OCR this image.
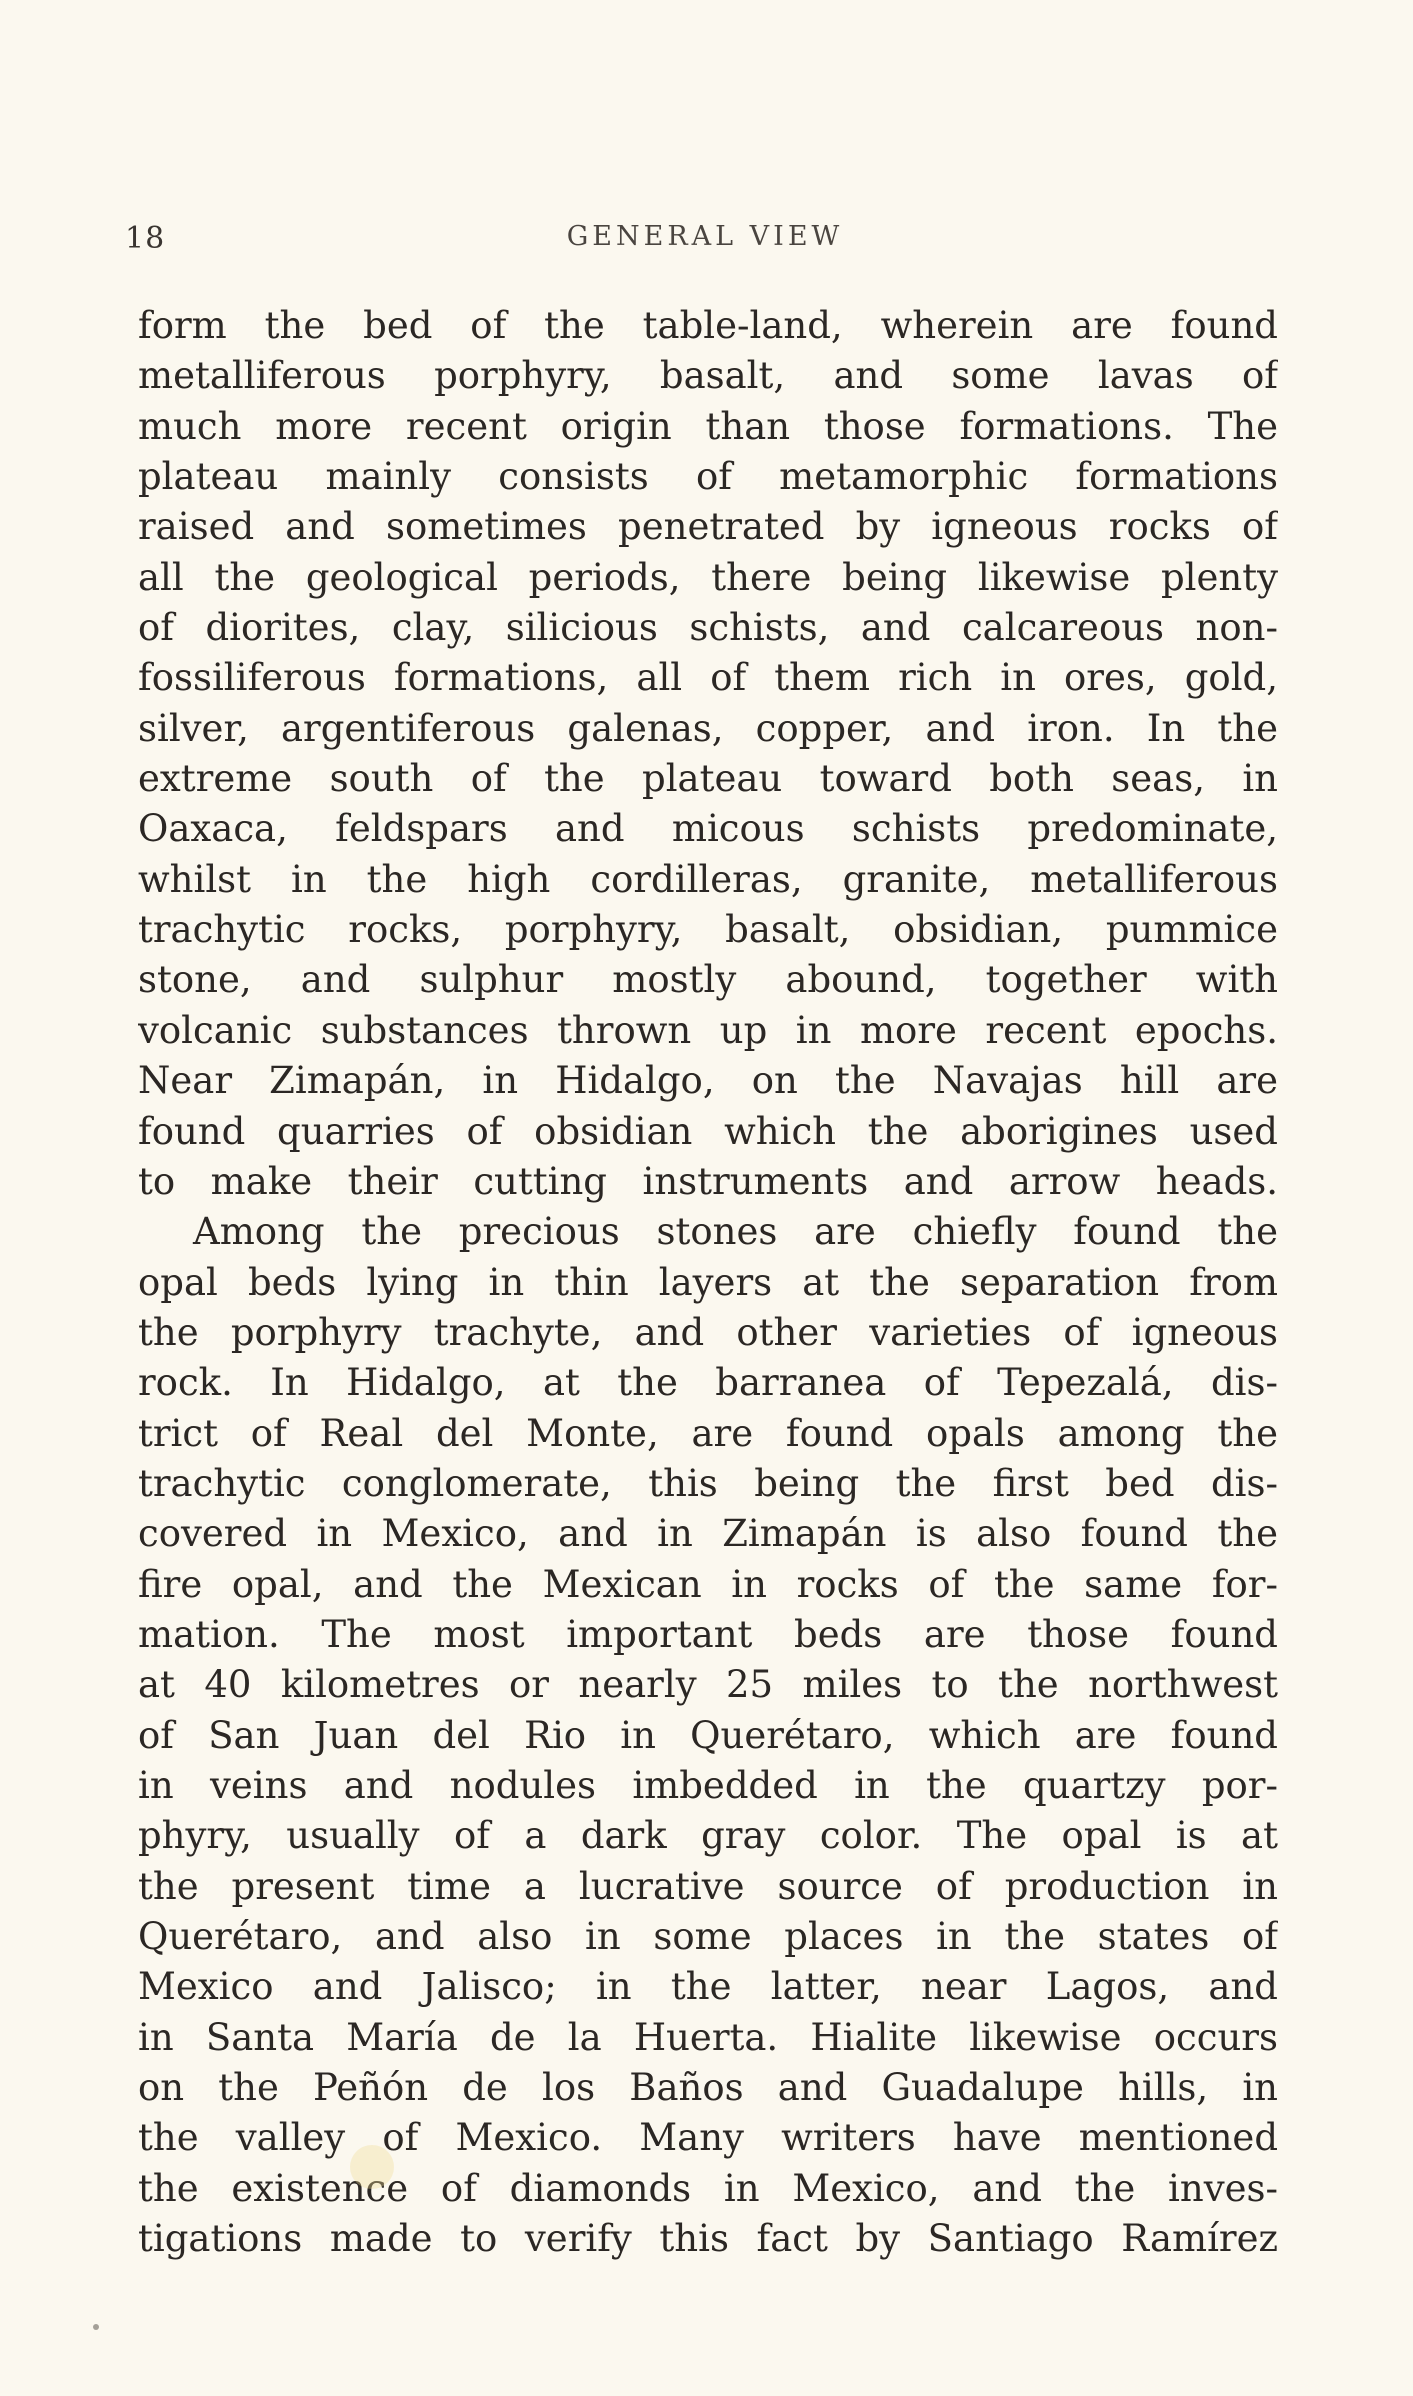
18	GENERAL VIEW
form the bed of the table-land, wherein are found
metalliferous porphyry, basalt, and some lavas of
much more recent origin than those formations. The
plateau mainly consists of metamorphic formations
raised and sometimes penetrated by igneous rocks of
all the geological periods, there being likewise plenty
of diorites, clay, silicious schists, and calcareous non-
fossiliferous formations, all of them rich in ores, gold,
silver, argentiferous galenas, copper, and iron. In the
extreme south of the plateau toward both seas, in
Oaxaca, feldspars and micous schists predominate,
whilst in the high cordilleras, granite, metalliferous
trachytic rocks, porphyry, basalt, obsidian, pummice
stone, and sulphur mostly abound, together with
volcanic substances thrown up in more recent epochs.
Near Zimapán, in Hidalgo, on the Navajas hill are
found quarries of obsidian which the aborigines used
to make their cutting instruments and arrow heads.
Among the precious stones are chiefly found the
opal beds lying in thin layers at the separation from
the porphyry trachyte, and other varieties of igneous
rock. In Hidalgo, at the barranea of Tepezalá, dis-
trict of Real del Monte, are found opals among the
trachytic conglomerate, this being the first bed dis-
covered in Mexico, and in Zimapán is also found the
fire opal, and the Mexican in rocks of the same for-
mation. The most important beds are those found
at 40 kilometres or nearly 25 miles to the northwest
of San Juan del Rio in Querétaro, which are found
in veins and nodules imbedded in the quartzy por-
phyry, usually of a dark gray color. The opal is at
the present time a lucrative source of production in
Querétaro, and also in some places in the states of
Mexico and Jalisco; in the latter, near Lagos, and
in Santa María de la Huerta. Hialite likewise occurs
on the Peñón de los Baños and Guadalupe hills, in
the valley of Mexico. Many writers have mentioned
the existence of diamonds in Mexico, and the inves-
tigations made to verify this fact by Santiago Ramírez
